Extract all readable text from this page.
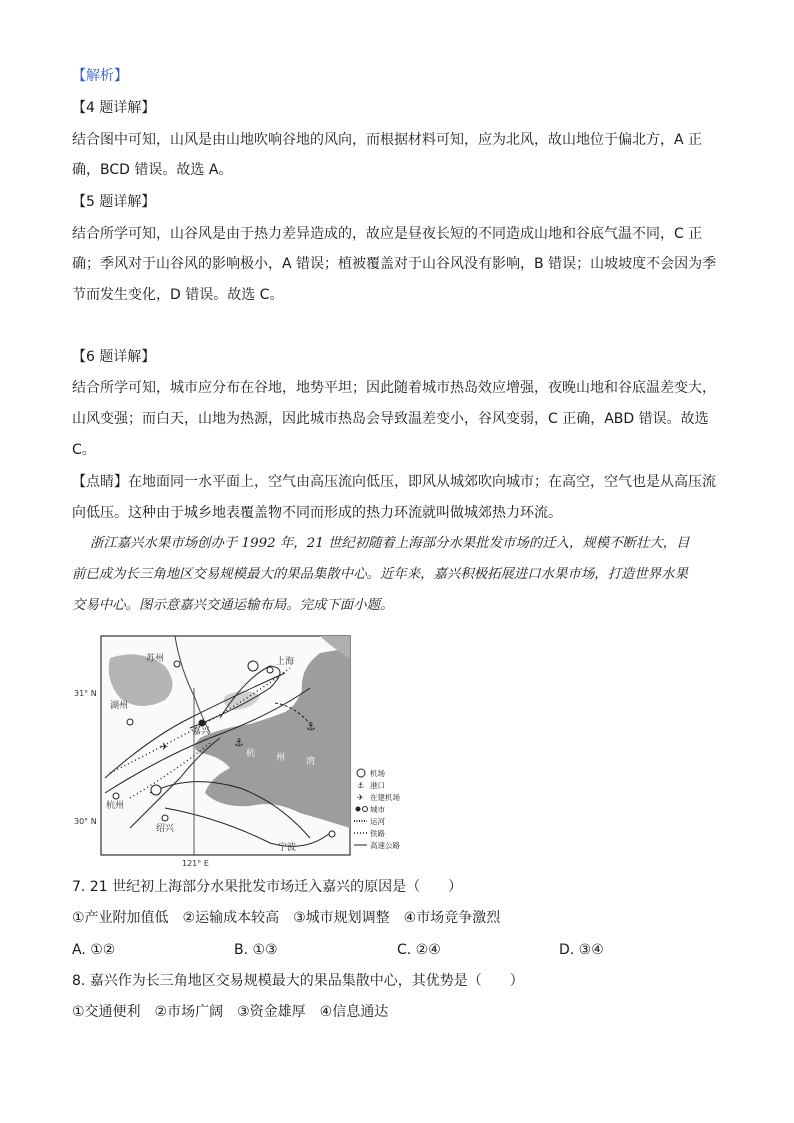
【解析】
【4 题详解】
结合图中可知，山风是由山地吹响谷地的风向，而根据材料可知，应为北风，故山地位于偏北方，A 正
确，BCD 错误。故选 A。
【5 题详解】
结合所学可知，山谷风是由于热力差异造成的，故应是昼夜长短的不同造成山地和谷底气温不同，C 正
确；季风对于山谷风的影响极小，A 错误；植被覆盖对于山谷风没有影响，B 错误；山坡坡度不会因为季
节而发生变化，D 错误。故选 C。
【6 题详解】
结合所学可知，城市应分布在谷地，地势平坦；因此随着城市热岛效应增强，夜晚山地和谷底温差变大，
山风变强；而白天，山地为热源，因此城市热岛会导致温差变小，谷风变弱，C 正确，ABD 错误。故选
C。
【点睛】在地面同一水平面上，空气由高压流向低压，即风从城郊吹向城市；在高空，空气也是从高压流
向低压。这种由于城乡地表覆盖物不同而形成的热力环流就叫做城郊热力环流。
浙江嘉兴水果市场创办于 1992 年，21 世纪初随着上海部分水果批发市场的迁入，规模不断壮大，目
前已成为长三角地区交易规模最大的果品集散中心。近年来，嘉兴积极拓展进口水果市场，打造世界水果
交易中心。图示意嘉兴交通运输布局。完成下面小题。
⚓
⚓
✈
苏州	上海
湖州
嘉兴
杭州
绍兴
宁波
杭 州 湾
31° N
30° N
121° E
机场
⚓ 港口
✈ 在建机场
城市
运河
铁路
高速公路
7. 21 世纪初上海部分水果批发市场迁入嘉兴的原因是（　　）
①产业附加值低　②运输成本较高　③城市规划调整　④市场竞争激烈
A. ①②	B. ①③	C. ②④	D. ③④
8. 嘉兴作为长三角地区交易规模最大的果品集散中心，其优势是（　　）
①交通便利　②市场广阔　③资金雄厚　④信息通达
